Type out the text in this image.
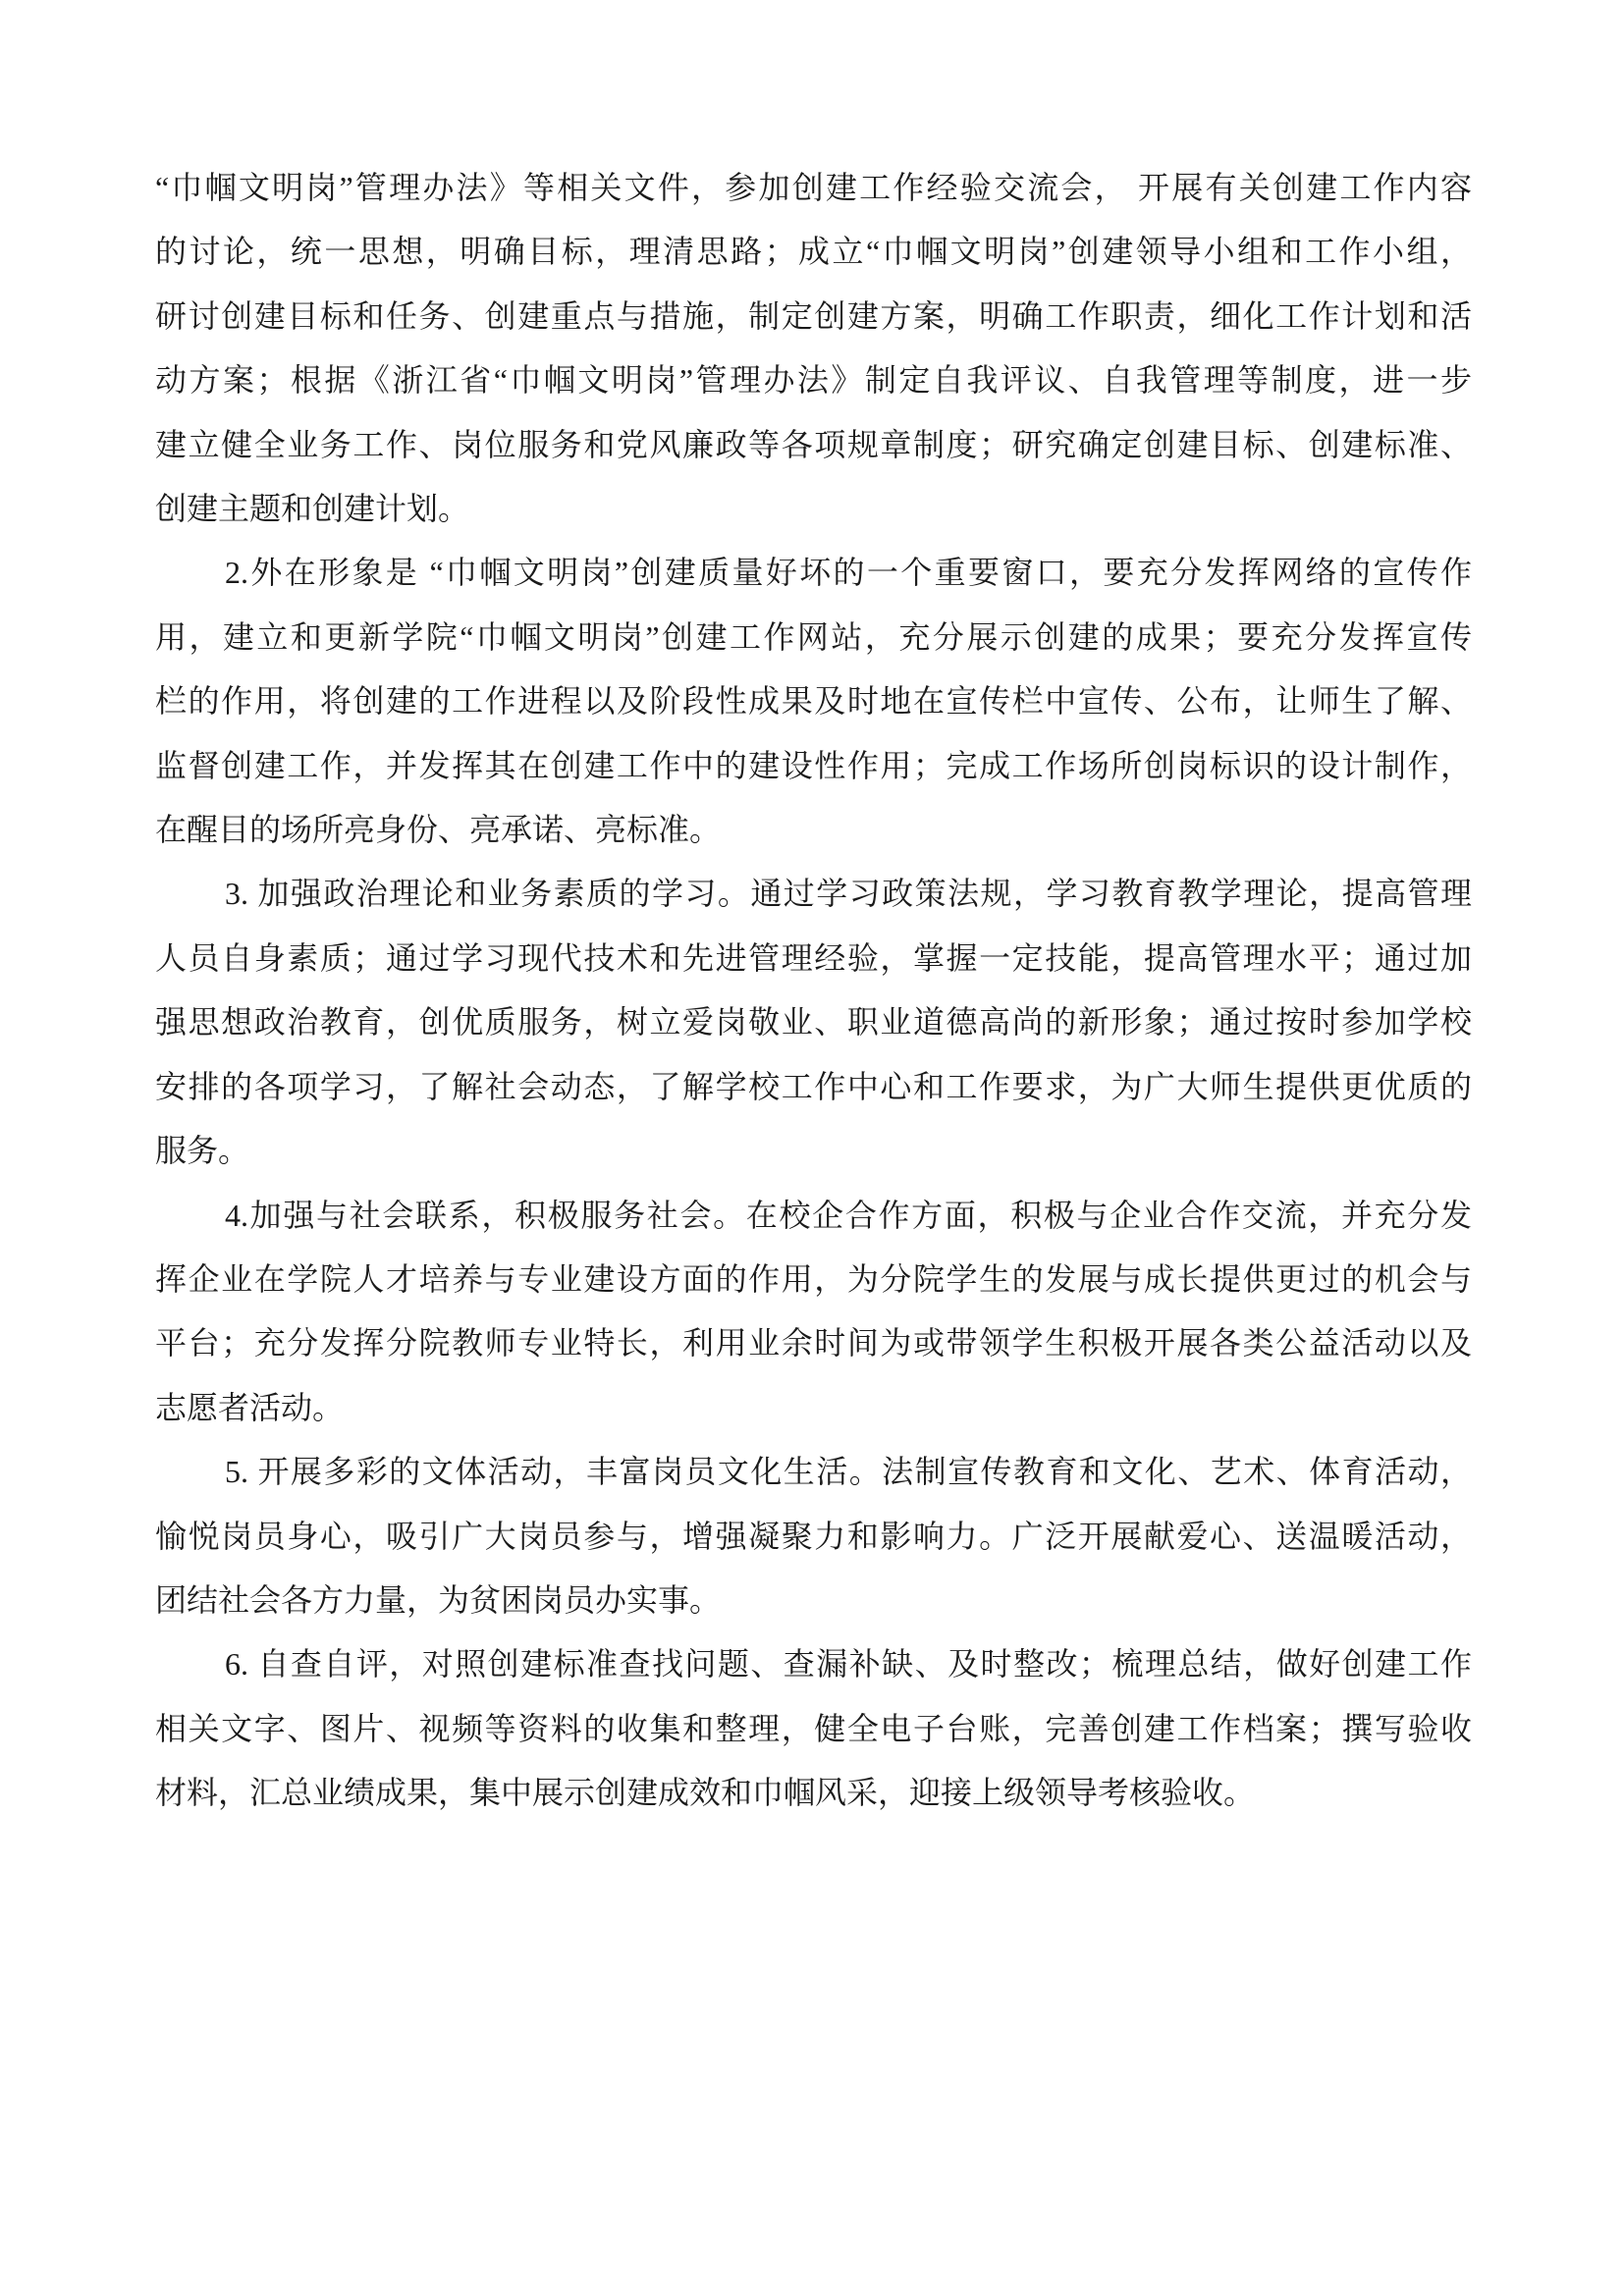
“巾帼文明岗”管理办法》等相关文件，参加创建工作经验交流会， 开展有关创建工作内容
的讨论，统一思想，明确目标，理清思路；成立“巾帼文明岗”创建领导小组和工作小组，
研讨创建目标和任务、创建重点与措施，制定创建方案，明确工作职责，细化工作计划和活
动方案；根据《浙江省“巾帼文明岗”管理办法》制定自我评议、自我管理等制度，进一步
建立健全业务工作、岗位服务和党风廉政等各项规章制度；研究确定创建目标、创建标准、
创建主题和创建计划。
2.外在形象是 “巾帼文明岗”创建质量好坏的一个重要窗口，要充分发挥网络的宣传作
用，建立和更新学院“巾帼文明岗”创建工作网站，充分展示创建的成果；要充分发挥宣传
栏的作用，将创建的工作进程以及阶段性成果及时地在宣传栏中宣传、公布，让师生了解、
监督创建工作，并发挥其在创建工作中的建设性作用；完成工作场所创岗标识的设计制作，
在醒目的场所亮身份、亮承诺、亮标准。
3. 加强政治理论和业务素质的学习。通过学习政策法规，学习教育教学理论，提高管理
人员自身素质；通过学习现代技术和先进管理经验，掌握一定技能，提高管理水平；通过加
强思想政治教育，创优质服务，树立爱岗敬业、职业道德高尚的新形象；通过按时参加学校
安排的各项学习，了解社会动态，了解学校工作中心和工作要求，为广大师生提供更优质的
服务。
4.加强与社会联系，积极服务社会。在校企合作方面，积极与企业合作交流，并充分发
挥企业在学院人才培养与专业建设方面的作用，为分院学生的发展与成长提供更过的机会与
平台；充分发挥分院教师专业特长，利用业余时间为或带领学生积极开展各类公益活动以及
志愿者活动。
5. 开展多彩的文体活动，丰富岗员文化生活。法制宣传教育和文化、艺术、体育活动，
愉悦岗员身心，吸引广大岗员参与，增强凝聚力和影响力。广泛开展献爱心、送温暖活动，
团结社会各方力量，为贫困岗员办实事。
6. 自查自评，对照创建标准查找问题、查漏补缺、及时整改；梳理总结，做好创建工作
相关文字、图片、视频等资料的收集和整理，健全电子台账，完善创建工作档案；撰写验收
材料，汇总业绩成果，集中展示创建成效和巾帼风采，迎接上级领导考核验收。
